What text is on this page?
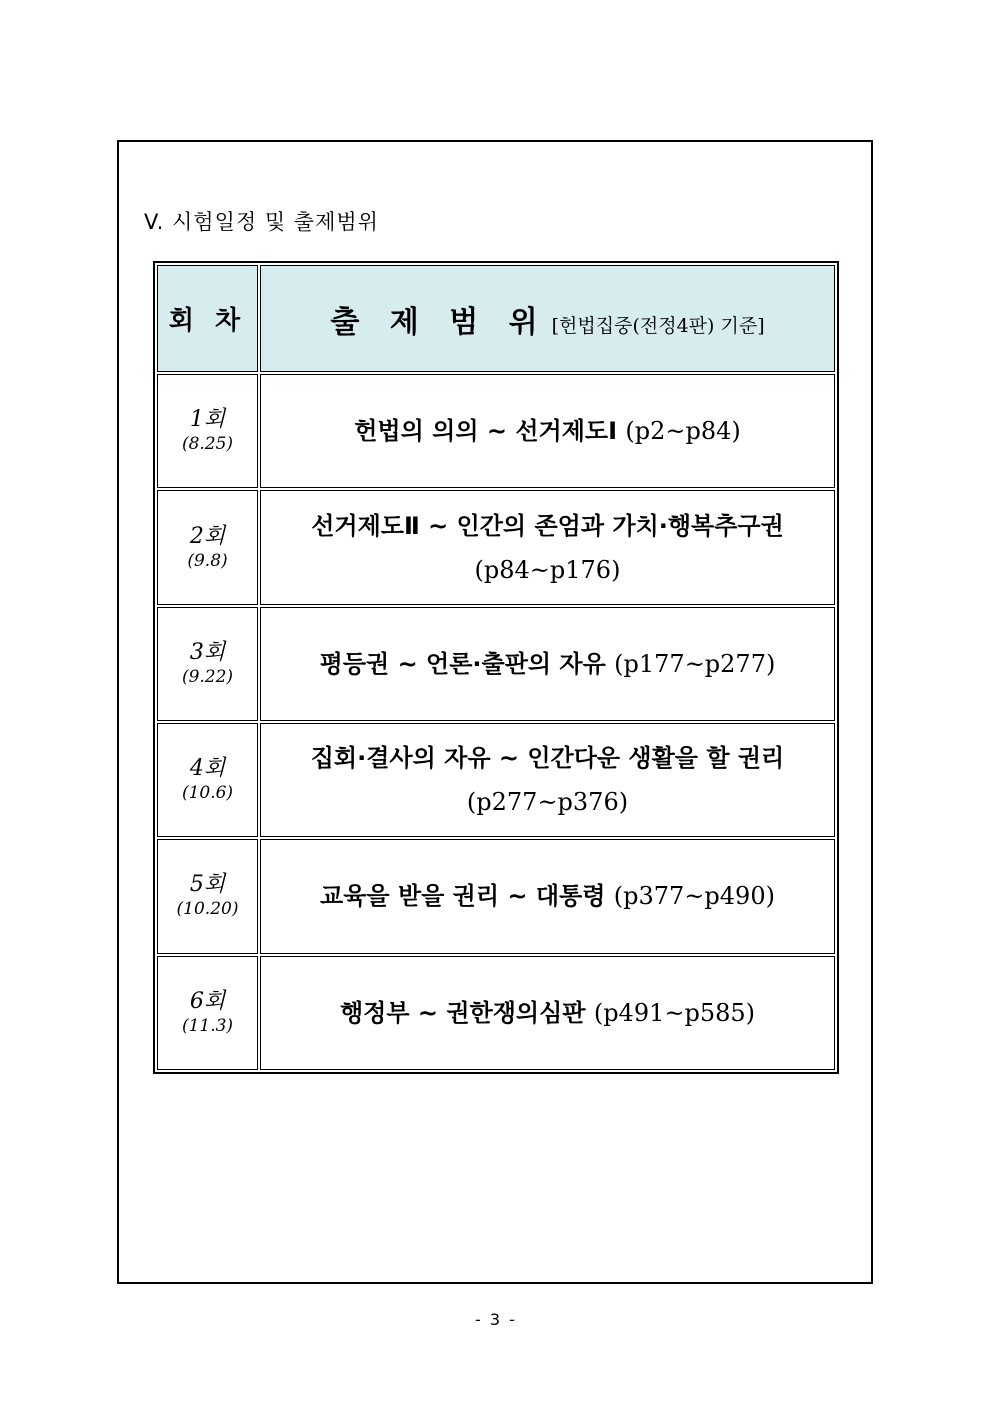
V. 시험일정 및 출제범위
회 차	출 제 범 위 [헌법집중(전정4판) 기준]

1회
(8.25)	헌법의 의의 ~ 선거제도Ⅰ (p2~p84)

2회
(9.8)	선거제도Ⅱ ~ 인간의 존엄과 가치·행복추구권
(p84~p176)

3회
(9.22)	평등권 ~ 언론·출판의 자유 (p177~p277)

4회
(10.6)	집회·결사의 자유 ~ 인간다운 생활을 할 권리
(p277~p376)

5회
(10.20)	교육을 받을 권리 ~ 대통령 (p377~p490)

6회
(11.3)	행정부 ~ 권한쟁의심판 (p491~p585)
- 3 -
